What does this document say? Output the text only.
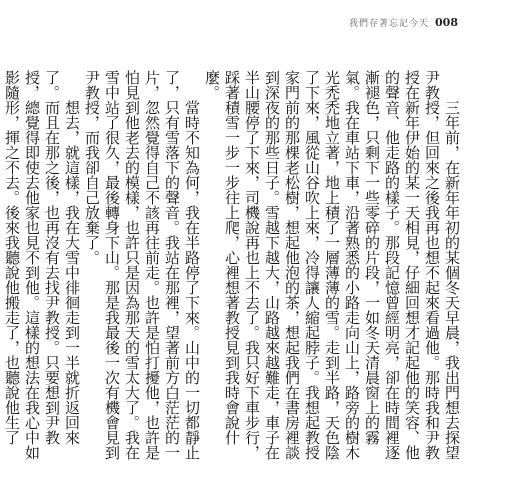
我們存著忘記今天 008

三年前，在新年年初的某個冬天早晨，我出門想去探望尹教授，但回來之後我再也想不起來看過他。那時我和尹教授在新年伊始的某一天相見，仔細回想才記起他的笑容、他的聲音、他走路的樣子。那段記憶曾經明亮，卻在時間裡逐漸褪色，只剩下一些零碎的片段，一如冬天清晨窗上的霧氣。我在車站下車，沿著熟悉的小路走向山上，路旁的樹木光禿禿地立著，地上積了一層薄薄的雪。走到半路，天色陰了下來，風從山谷吹上來，冷得讓人縮起脖子。我想起教授家門前的那棵老松樹，想起他泡的茶，想起我們在書房裡談到深夜的那些日子。雪越下越大，山路越來越難走，車子在半山腰停了下來，司機說再也上不去了。我只好下車步行，踩著積雪一步一步往上爬，心裡想著教授見到我時會說什麼。

當時不知為何，我在半路停了下來。山中的一切都靜止了，只有雪落下的聲音。我站在那裡，望著前方白茫茫的一片，忽然覺得自己不該再往前走。也許是怕打擾他，也許是怕見到他老去的模樣，也許只是因為那天的雪太大了。我在雪中站了很久，最後轉身下山。那是我最後一次有機會見到尹教授，而我卻自己放棄了。

想去，就這樣，我在大雪中徘徊走到一半就折返回來了。而且在那之後，也再沒有去找尹教授。只要想到尹教授，總覺得即使去他家也見不到他。這樣的想法在我心中如影隨形，揮之不去。後來我聽說他搬走了，也聽說他生了
